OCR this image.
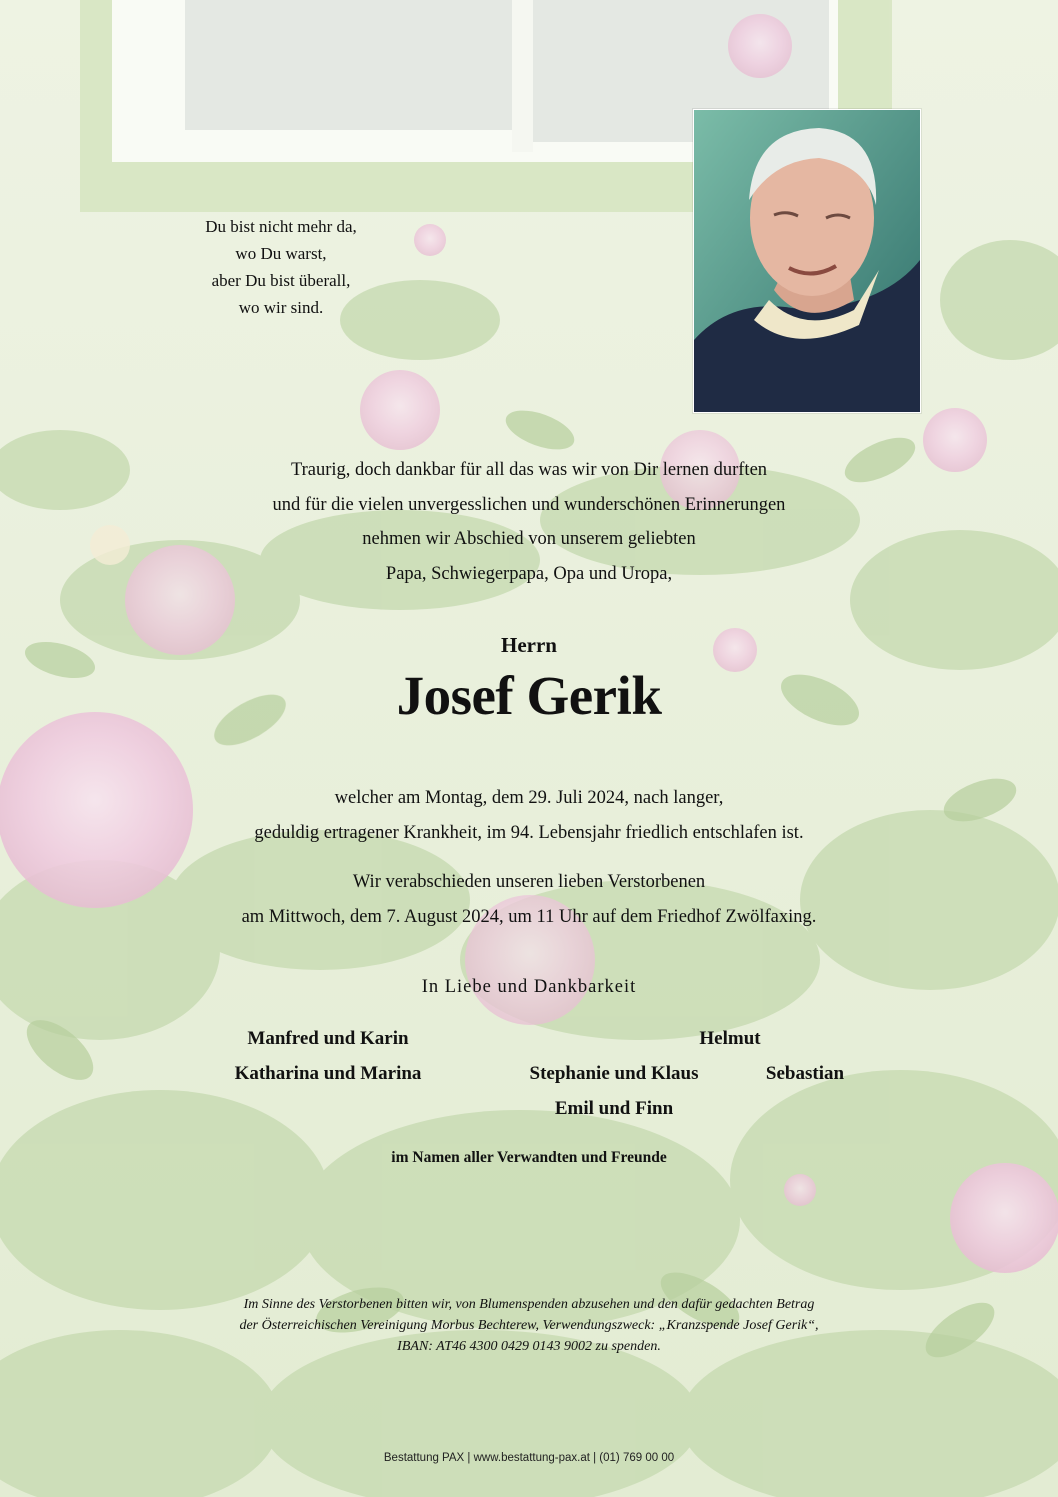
Du bist nicht mehr da,
wo Du warst,
aber Du bist überall,
wo wir sind.
Traurig, doch dankbar für all das was wir von Dir lernen durften
und für die vielen unvergesslichen und wunderschönen Erinnerungen
nehmen wir Abschied von unserem geliebten
Papa, Schwiegerpapa, Opa und Uropa,
Herrn
Josef Gerik
welcher am Montag, dem 29. Juli 2024, nach langer,
geduldig ertragener Krankheit, im 94. Lebensjahr friedlich entschlafen ist.
Wir verabschieden unseren lieben Verstorbenen
am Mittwoch, dem 7. August 2024, um 11 Uhr auf dem Friedhof Zwölfaxing.
In Liebe und Dankbarkeit
Manfred und Karin	Helmut
Katharina und Marina	Stephanie und Klaus	Sebastian
Emil und Finn
im Namen aller Verwandten und Freunde
Im Sinne des Verstorbenen bitten wir, von Blumenspenden abzusehen und den dafür gedachten Betrag
der Österreichischen Vereinigung Morbus Bechterew, Verwendungszweck: „Kranzspende Josef Gerik“,
IBAN: AT46 4300 0429 0143 9002 zu spenden.
Bestattung PAX | www.bestattung-pax.at | (01) 769 00 00
